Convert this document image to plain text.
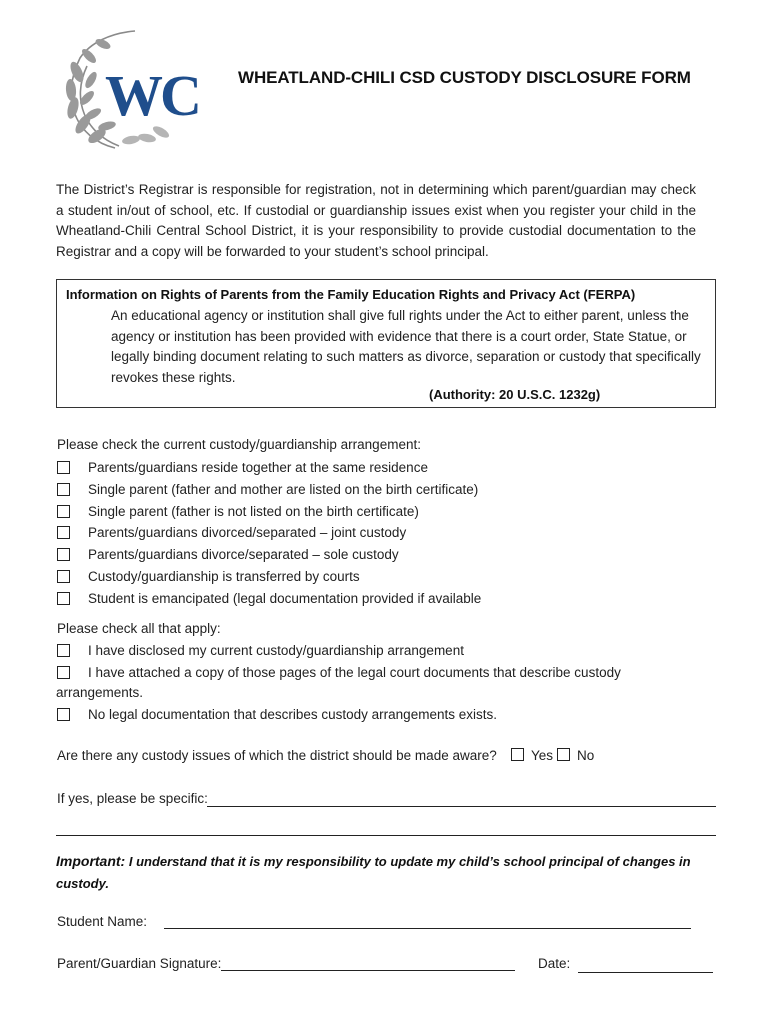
WC WHEATLAND-CHILI CSD CUSTODY DISCLOSURE FORM
The District’s Registrar is responsible for registration, not in determining which parent/guardian may check a student in/out of school, etc. If custodial or guardianship issues exist when you register your child in the Wheatland-Chili Central School District, it is your responsibility to provide custodial documentation to the Registrar and a copy will be forwarded to your student’s school principal.
Information on Rights of Parents from the Family Education Rights and Privacy Act (FERPA)
An educational agency or institution shall give full rights under the Act to either parent, unless the agency or institution has been provided with evidence that there is a court order, State Statue, or legally binding document relating to such matters as divorce, separation or custody that specifically revokes these rights.
(Authority: 20 U.S.C. 1232g)
Please check the current custody/guardianship arrangement:
Parents/guardians reside together at the same residence
Single parent (father and mother are listed on the birth certificate)
Single parent (father is not listed on the birth certificate)
Parents/guardians divorced/separated – joint custody
Parents/guardians divorce/separated – sole custody
Custody/guardianship is transferred by courts
Student is emancipated (legal documentation provided if available
Please check all that apply:
I have disclosed my current custody/guardianship arrangement
I have attached a copy of those pages of the legal court documents that describe custody
arrangements.
No legal documentation that describes custody arrangements exists.
Are there any custody issues of which the district should be made aware?	Yes No
If yes, please be specific:
Important: I understand that it is my responsibility to update my child’s school principal of changes in custody.
Student Name:
Parent/Guardian Signature:	Date:
